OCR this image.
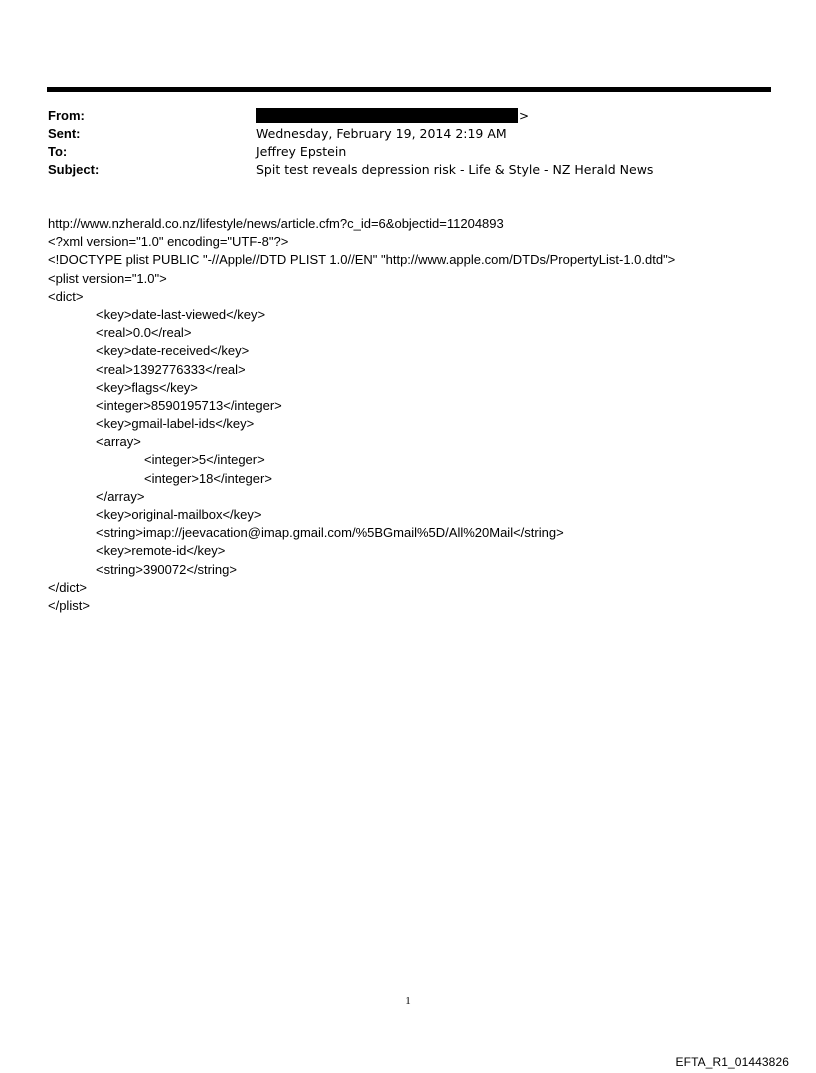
From:	>
Sent:	Wednesday, February 19, 2014 2:19 AM
To:	Jeffrey Epstein
Subject:	Spit test reveals depression risk - Life & Style - NZ Herald News
http://www.nzherald.co.nz/lifestyle/news/article.cfm?c_id=6&objectid=11204893
<?xml version="1.0" encoding="UTF-8"?>
<!DOCTYPE plist PUBLIC "-//Apple//DTD PLIST 1.0//EN" "http://www.apple.com/DTDs/PropertyList-1.0.dtd">
<plist version="1.0">
<dict>
<key>date-last-viewed</key>
<real>0.0</real>
<key>date-received</key>
<real>1392776333</real>
<key>flags</key>
<integer>8590195713</integer>
<key>gmail-label-ids</key>
<array>
<integer>5</integer>
<integer>18</integer>
</array>
<key>original-mailbox</key>
<string>imap://jeevacation@imap.gmail.com/%5BGmail%5D/All%20Mail</string>
<key>remote-id</key>
<string>390072</string>
</dict>
</plist>
1
EFTA_R1_01443826
